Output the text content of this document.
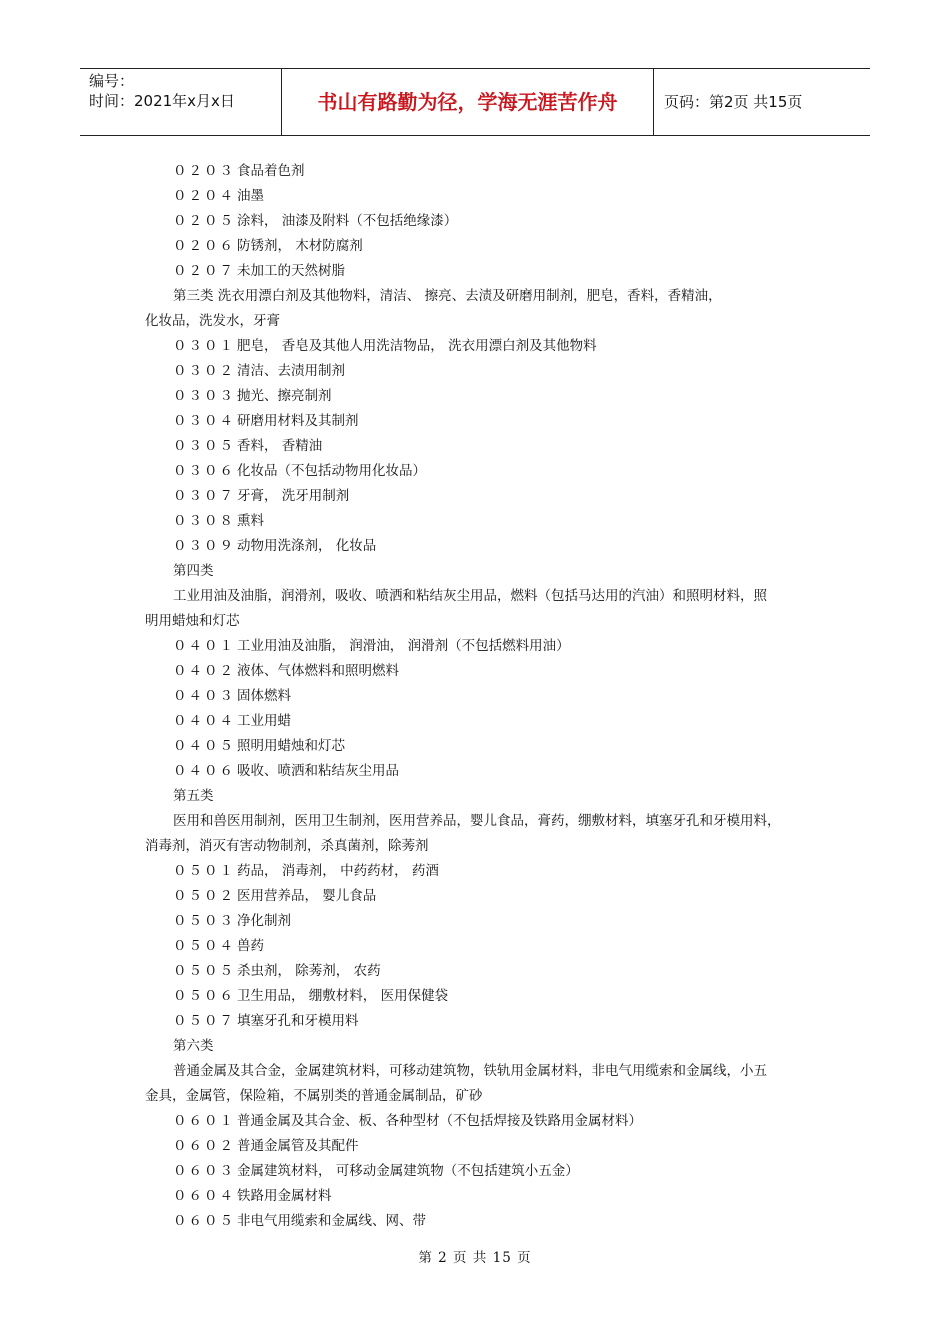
编号：
时间：2021年x月x日	书山有路勤为径，学海无涯苦作舟	页码：第2页 共15页
０２０３ 食品着色剂
０２０４ 油墨
０２０５ 涂料， 油漆及附料（不包括绝缘漆）
０２０６ 防锈剂， 木材防腐剂
０２０７ 未加工的天然树脂
第三类 洗衣用漂白剂及其他物料，清洁、 擦亮、去渍及研磨用制剂，肥皂，香料，香精油，
化妆品，洗发水，牙膏
０３０１ 肥皂， 香皂及其他人用洗洁物品， 洗衣用漂白剂及其他物料
０３０２ 清洁、去渍用制剂
０３０３ 抛光、擦亮制剂
０３０４ 研磨用材料及其制剂
０３０５ 香料， 香精油
０３０６ 化妆品（不包括动物用化妆品）
０３０７ 牙膏， 洗牙用制剂
０３０８ 熏料
０３０９ 动物用洗涤剂， 化妆品
第四类
工业用油及油脂，润滑剂，吸收、喷洒和粘结灰尘用品，燃料（包括马达用的汽油）和照明材料，照
明用蜡烛和灯芯
０４０１ 工业用油及油脂， 润滑油， 润滑剂（不包括燃料用油）
０４０２ 液体、气体燃料和照明燃料
０４０３ 固体燃料
０４０４ 工业用蜡
０４０５ 照明用蜡烛和灯芯
０４０６ 吸收、喷洒和粘结灰尘用品
第五类
医用和兽医用制剂，医用卫生制剂，医用营养品，婴儿食品，膏药，绷敷材料，填塞牙孔和牙模用料，
消毒剂，消灭有害动物制剂，杀真菌剂，除莠剂
０５０１ 药品， 消毒剂， 中药药材， 药酒
０５０２ 医用营养品， 婴儿食品
０５０３ 净化制剂
０５０４ 兽药
０５０５ 杀虫剂， 除莠剂， 农药
０５０６ 卫生用品， 绷敷材料， 医用保健袋
０５０７ 填塞牙孔和牙模用料
第六类
普通金属及其合金，金属建筑材料，可移动建筑物，铁轨用金属材料，非电气用缆索和金属线，小五
金具，金属管，保险箱，不属别类的普通金属制品，矿砂
０６０１ 普通金属及其合金、板、各种型材（不包括焊接及铁路用金属材料）
０６０２ 普通金属管及其配件
０６０３ 金属建筑材料， 可移动金属建筑物（不包括建筑小五金）
０６０４ 铁路用金属材料
０６０５ 非电气用缆索和金属线、网、带
第 2 页 共 15 页
